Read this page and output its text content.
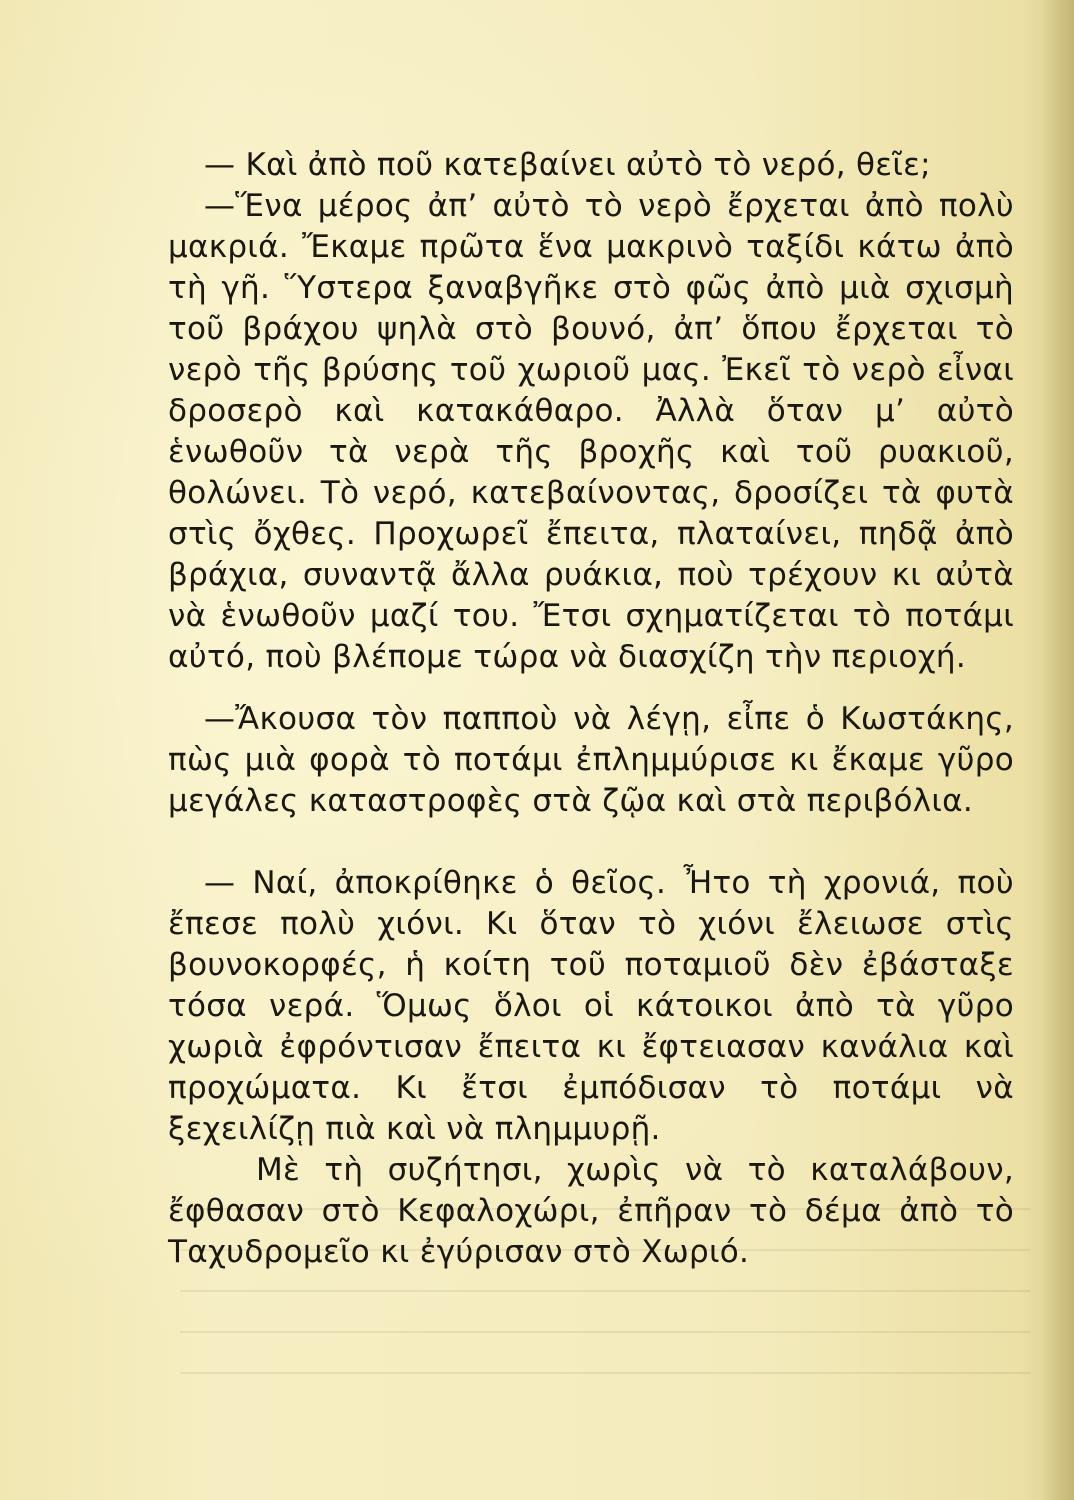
— Καὶ ἀπὸ ποῦ κατεβαίνει αὐτὸ τὸ νερό, θεῖε;

—Ἕνα μέρος ἀπ’ αὐτὸ τὸ νερὸ ἔρχεται ἀπὸ πολὺ μακριά. Ἔκαμε πρῶτα ἕνα μακρινὸ ταξίδι κάτω ἀπὸ τὴ γῆ. Ὕστερα ξαναβγῆκε στὸ φῶς ἀπὸ μιὰ σχισμὴ τοῦ βράχου ψηλὰ στὸ βουνό, ἀπ’ ὅπου ἔρχεται τὸ νερὸ τῆς βρύσης τοῦ χωριοῦ μας. Ἐκεῖ τὸ νερὸ εἶναι δροσερὸ καὶ κατακάθαρο. Ἀλλὰ ὅταν μ’ αὐτὸ ἑνωθοῦν τὰ νερὰ τῆς βροχῆς καὶ τοῦ ρυακιοῦ, θολώνει. Τὸ νερό, κατεβαίνοντας, δροσίζει τὰ φυτὰ στὶς ὄχθες. Προχωρεῖ ἔπειτα, πλαταίνει, πηδᾷ ἀπὸ βράχια, συναντᾷ ἄλλα ρυάκια, ποὺ τρέχουν κι αὐτὰ νὰ ἑνωθοῦν μαζί του. Ἔτσι σχηματίζεται τὸ ποτάμι αὐτό, ποὺ βλέπομε τώρα νὰ διασχίζη τὴν περιοχή.

—Ἄκουσα τὸν παπποὺ νὰ λέγῃ, εἶπε ὁ Κωστάκης, πὼς μιὰ φορὰ τὸ ποτάμι ἐπλημμύρισε κι ἔκαμε γῦρο μεγάλες καταστροφὲς στὰ ζῷα καὶ στὰ περιβόλια.

— Ναί, ἀποκρίθηκε ὁ θεῖος. Ἦτο τὴ χρονιά, ποὺ ἔπεσε πολὺ χιόνι. Κι ὅταν τὸ χιόνι ἔλειωσε στὶς βουνοκορφές, ἡ κοίτη τοῦ ποταμιοῦ δὲν ἐβάσταξε τόσα νερά. Ὅμως ὅλοι οἱ κάτοικοι ἀπὸ τὰ γῦρο χωριὰ ἐφρόντισαν ἔπειτα κι ἔφτειασαν κανάλια καὶ προχώματα. Κι ἔτσι ἐμπόδισαν τὸ ποτάμι νὰ ξεχειλίζῃ πιὰ καὶ νὰ πλημμυρῇ.

Μὲ τὴ συζήτησι, χωρὶς νὰ τὸ καταλάβουν, ἔφθασαν στὸ Κεφαλοχώρι, ἐπῆραν τὸ δέμα ἀπὸ τὸ Ταχυδρομεῖο κι ἐγύρισαν στὸ Χωριό.
